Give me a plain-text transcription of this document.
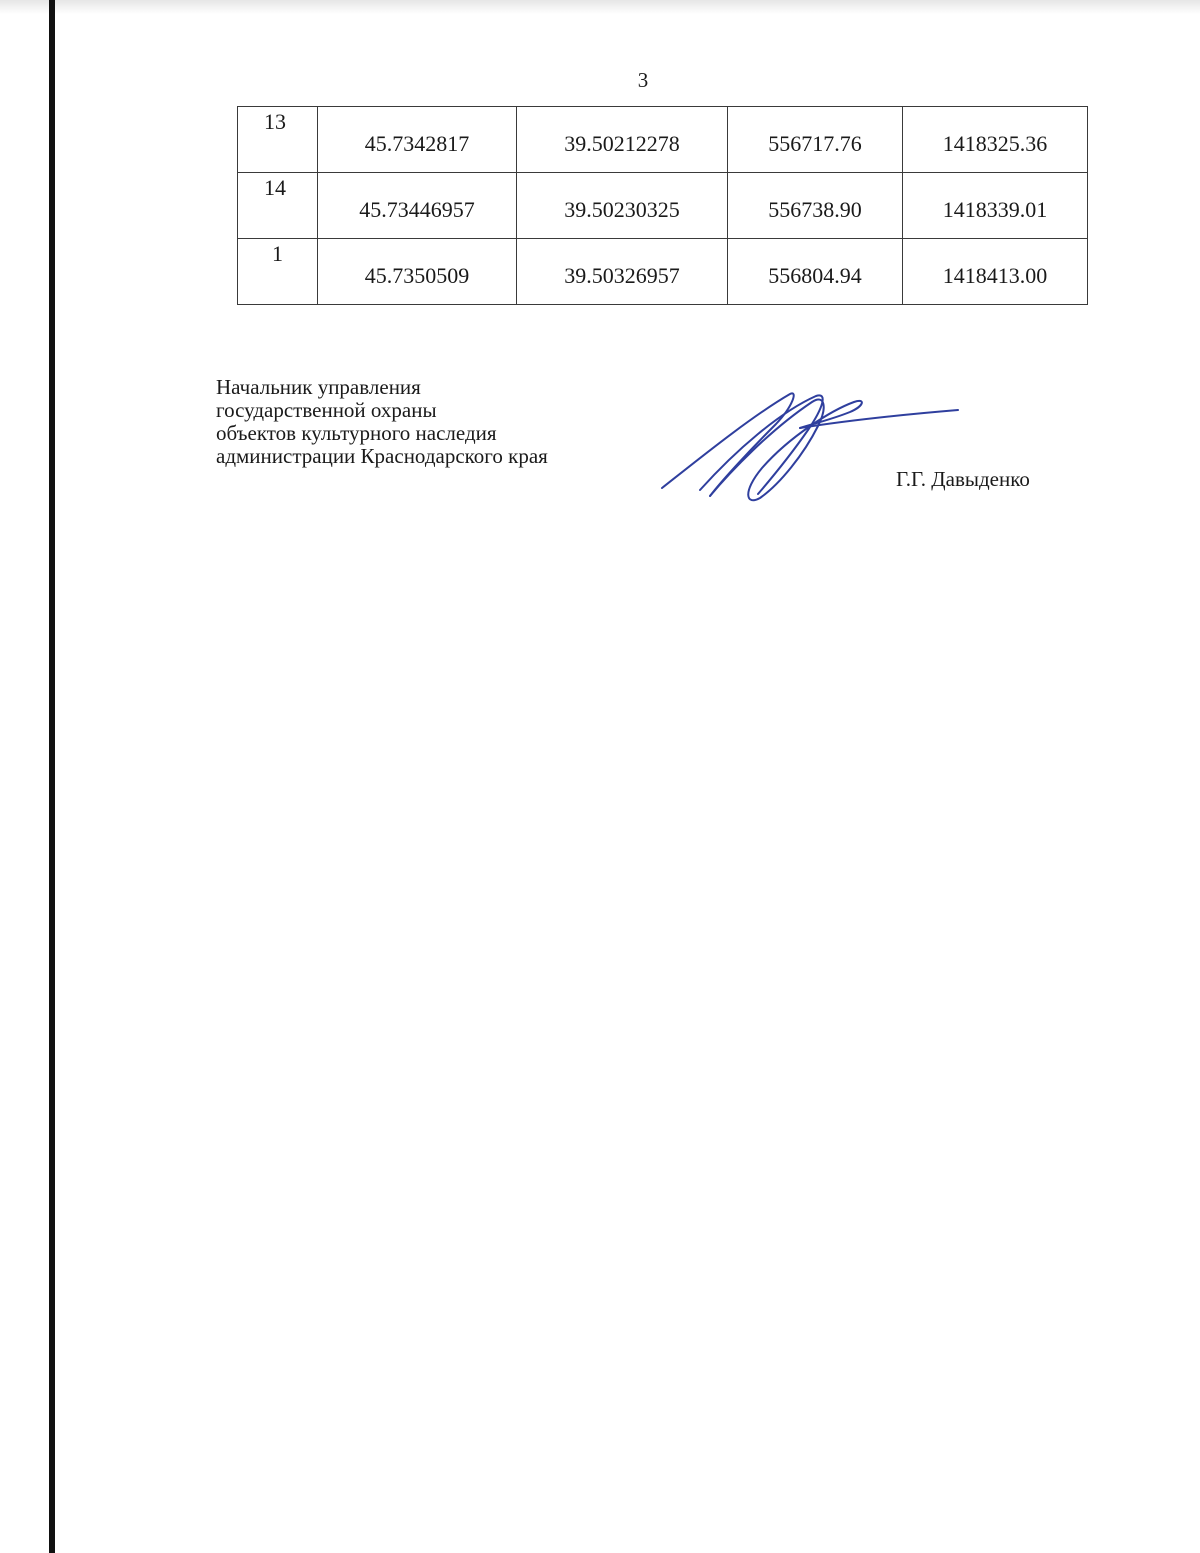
3
13	45.7342817	39.50212278	556717.76	1418325.36
14	45.73446957	39.50230325	556738.90	1418339.01
1	45.7350509	39.50326957	556804.94	1418413.00
Начальник управления
государственной охраны
объектов культурного наследия
администрации Краснодарского края
Г.Г. Давыденко
